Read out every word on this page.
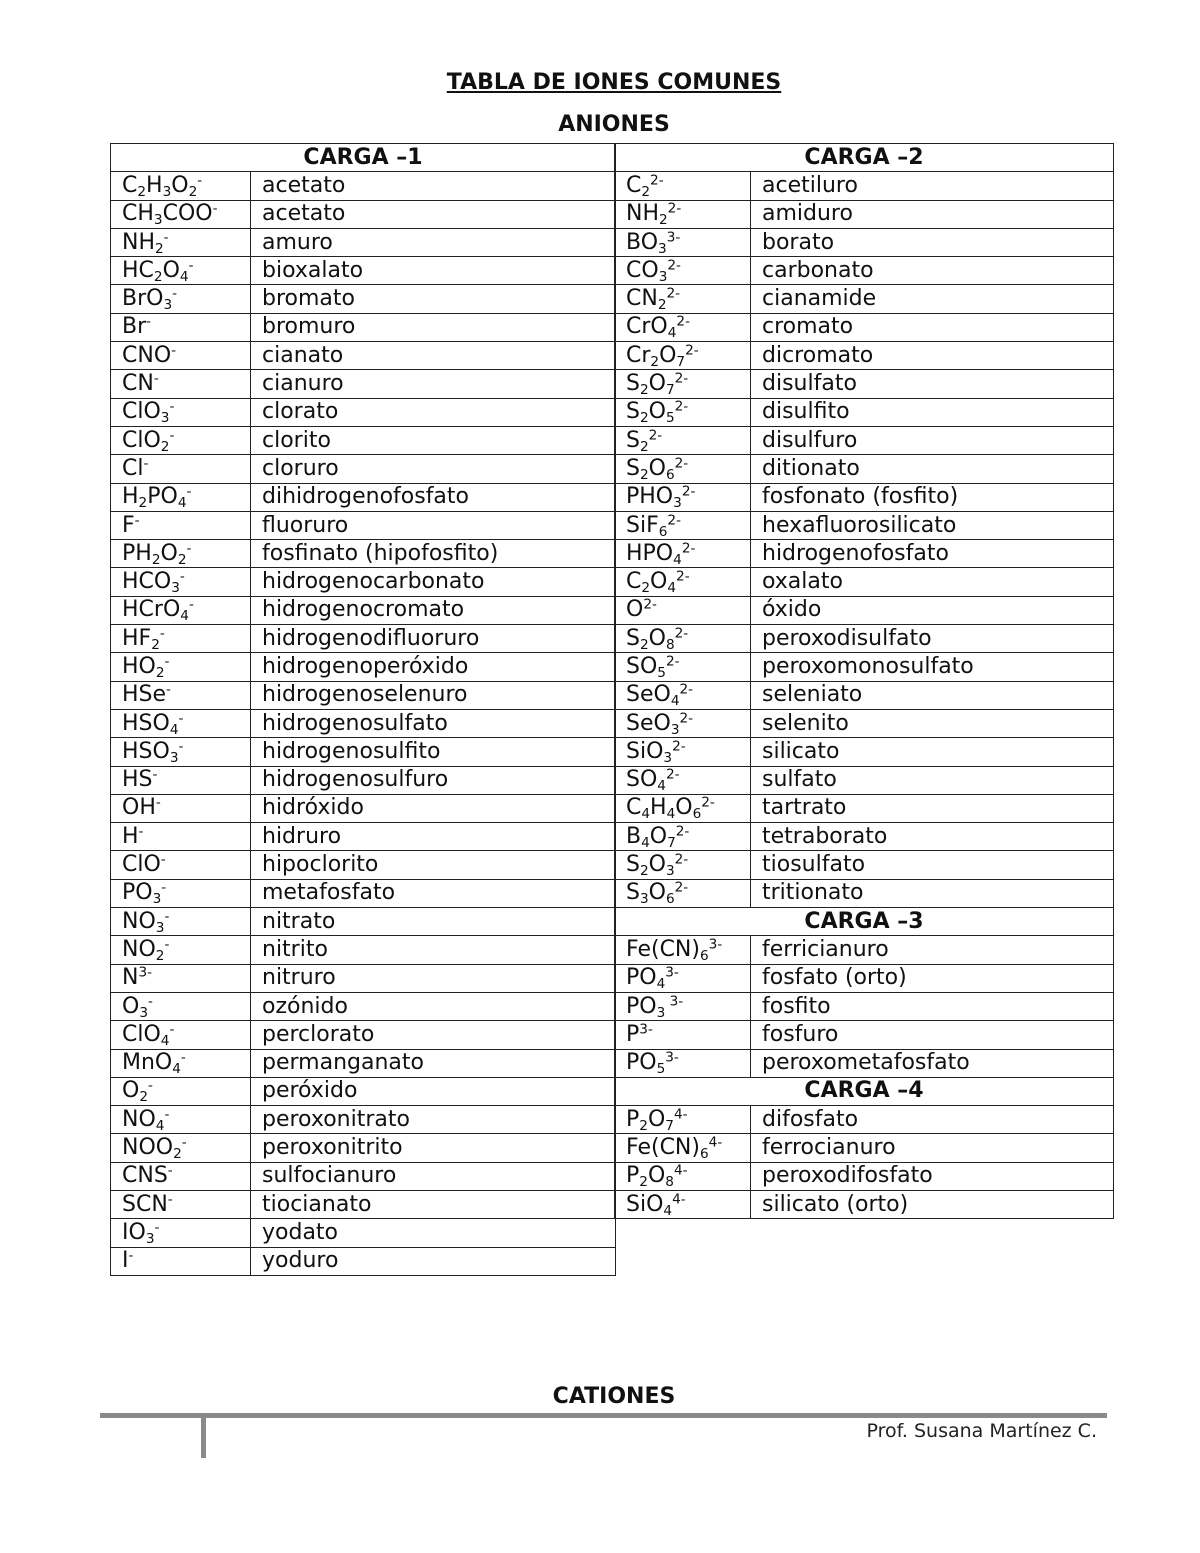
TABLA DE IONES COMUNES
ANIONES
CARGA –1	
$C_2H_3O_2^-$	acetato
$CH_3COO^-$	acetato
$NH_2^-$	amuro
$HC_2O_4^-$	bioxalato
BrO$_3$-	bromato
Br-	bromuro
CNO-	cianato
CN-	cianuro
ClO$_3$-	clorato
ClO$_2$-	clorito
Cl-	cloruro
$H_2PO_4^-$	dihidrogenofosfato
F-	fluoruro
$PH_2O_2^-$	fosfinato (hipofosfito)
$HCO_3^-$	hidrogenocarbonato
HCrO$_4$-	hidrogenocromato
$HF_2^-$	hidrogenodifluoruro
$HO_2^-$	hidrogenoperóxido
HSe-	hidrogenoselenuro
$HSO_4^-$	hidrogenosulfato
$HSO_3^-$	hidrogenosulfito
HS-	hidrogenosulfuro
OH-	hidróxido
H-	hidruro
ClO-	hipoclorito
$PO_3^-$	metafosfato
$NO_3^-$	nitrato
$NO_2^-$	nitrito
$N^{3-}$	nitruro
$O_3^-$	ozónido
ClO$_4$-	perclorato
MnO$_4$-	permanganato
$O_2^-$	peróxido
$NO_4^-$	peroxonitrato
$NOO_2^-$	peroxonitrito
CNS-	sulfocianuro
SCN-	tiocianato
$IO_3^-$	yodato
I-	yoduro
CARGA –2	
$C_2^{2-}$	acetiluro
$NH_2^{2-}$	amiduro
$BO_3^{3-}$	borato
$CO_3^{2-}$	carbonato
$CN_2^{2-}$	cianamide
CrO$_4^{2-}$	cromato
$Cr_2O_7^{2-}$	dicromato
$S_2O_7^{2-}$	disulfato
$S_2O_5^{2-}$	disulfito
$S_2^{2-}$	disulfuro
$S_2O_6^{2-}$	ditionato
$PHO_3^{2-}$	fosfonato (fosfito)
SiF$_6^{2-}$	hexafluorosilicato
$HPO_4^{2-}$	hidrogenofosfato
$C_2O_4^{2-}$	oxalato
$O^{2-}$	óxido
$S_2O_8^{2-}$	peroxodisulfato
$SO_5^{2-}$	peroxomonosulfato
SeO$_4^{2-}$	seleniato
SeO$_3^{2-}$	selenito
SiO$_3^{2-}$	silicato
$SO_4^{2-}$	sulfato
$C_4H_4O_6^{2-}$	tartrato
$B_4O_7^{2-}$	tetraborato
$S_2O_3^{2-}$	tiosulfato
$S_3O_6^{2-}$	tritionato
CARGA –3	
$Fe(CN)_6^{3-}$	ferricianuro
$PO_4^{3-}$	fosfato (orto)
$PO_3$ $^{3-}$	fosfito
$P^{3-}$	fosfuro
$PO_5^{3-}$	peroxometafosfato
CARGA –4	
$P_2O_7^{4-}$	difosfato
$Fe(CN)_6^{4-}$	ferrocianuro
$P_2O_8^{4-}$	peroxodifosfato
SiO$_4^{4-}$	silicato (orto)
CATIONES
Prof. Susana Martínez C.
